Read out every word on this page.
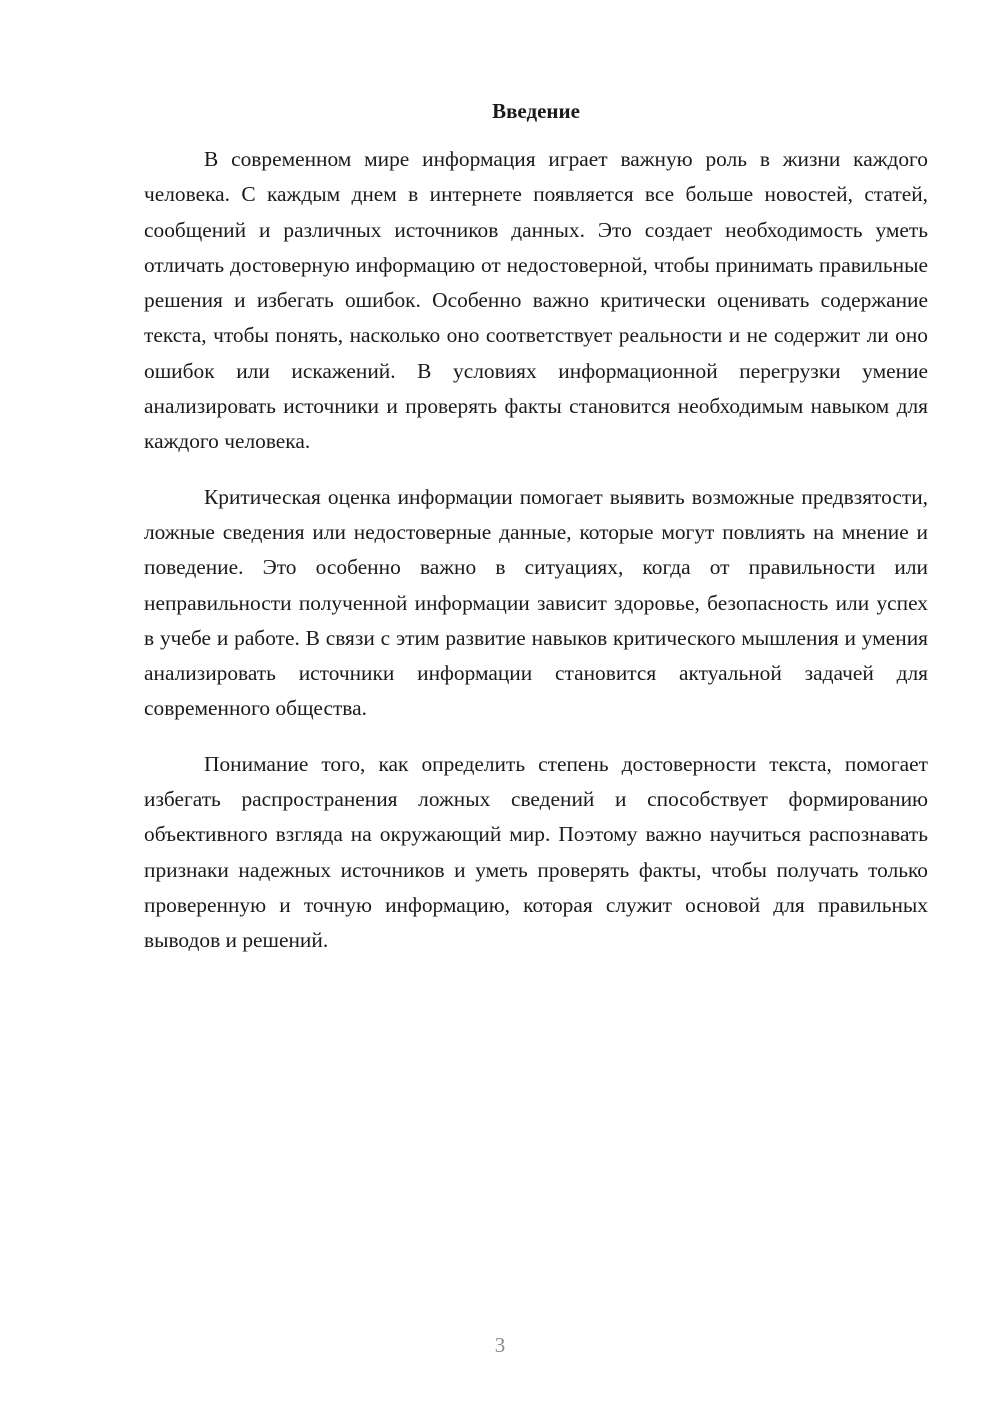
Введение

В современном мире информация играет важную роль в жизни каждого человека. С каждым днем в интернете появляется все больше новостей, статей, сообщений и различных источников данных. Это создает необходимость уметь отличать достоверную информацию от недостоверной, чтобы принимать правильные решения и избегать ошибок. Особенно важно критически оценивать содержание текста, чтобы понять, насколько оно соответствует реальности и не содержит ли оно ошибок или искажений. В условиях информационной перегрузки умение анализировать источники и проверять факты становится необходимым навыком для каждого человека.

Критическая оценка информации помогает выявить возможные предвзятости, ложные сведения или недостоверные данные, которые могут повлиять на мнение и поведение. Это особенно важно в ситуациях, когда от правильности или неправильности полученной информации зависит здоровье, безопасность или успех в учебе и работе. В связи с этим развитие навыков критического мышления и умения анализировать источники информации становится актуальной задачей для современного общества.

Понимание того, как определить степень достоверности текста, помогает избегать распространения ложных сведений и способствует формированию объективного взгляда на окружающий мир. Поэтому важно научиться распознавать признаки надежных источников и уметь проверять факты, чтобы получать только проверенную и точную информацию, которая служит основой для правильных выводов и решений.

3
